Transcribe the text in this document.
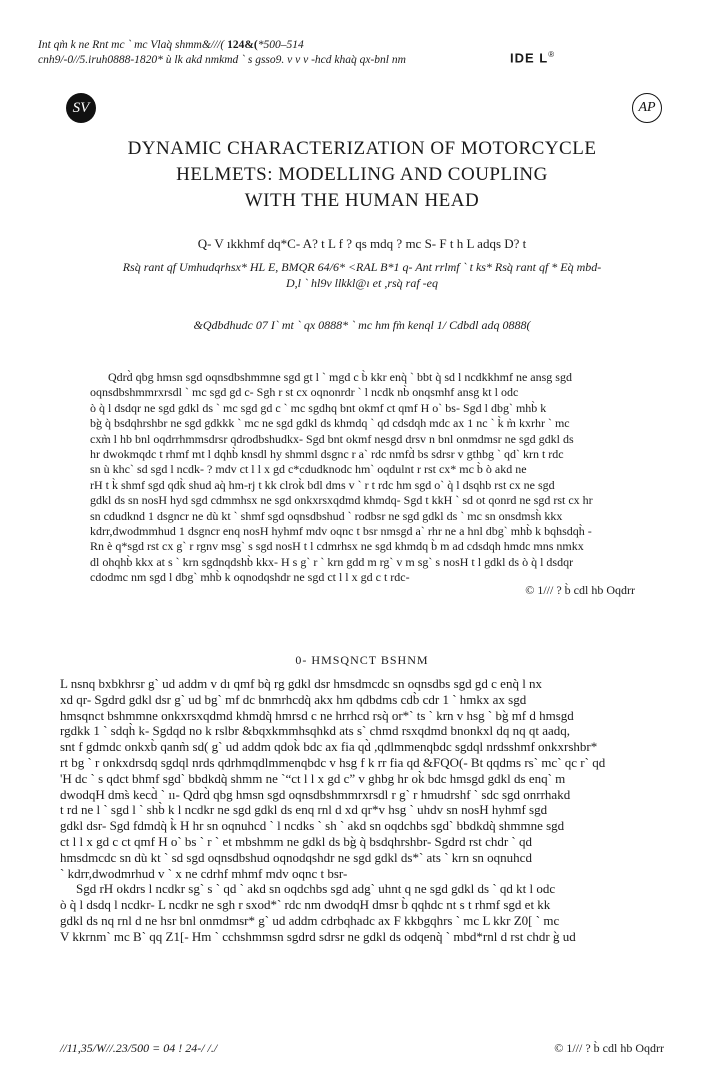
Int qm̀ k ne Rnt mc ` mc Vlaq̀ shmm&///( 124&(*500–514
cnh9/-0//5.iruh0888-1820* ù lk akd nmkmd ` s gsso9. v v v -hcd khaq̀ qx-bnl nm	IDE L®
SV	AP
DYNAMIC CHARACTERIZATION OF MOTORCYCLE
HELMETS: MODELLING AND COUPLING
WITH THE HUMAN HEAD
Q- V ıkkhmf dq*C- A? t L f ? qs mdq ? mc S- F t h L adqs D? t
Rsq̀ rant qf Umhudqrhsx* HL E, BMQR 64/6* <RAL B*1 q- Ant rrlmf ` t ks* Rsq̀ rant qf * Eq̀ mbd-
D,l ` hl9v llkkl@ı et ,rsq̀ raf -eq
&Qdbdhudc 07 I` mt ` qx 0888* ` mc hm fm̀ kenql 1/ Cdbdl adq 0888(
Qdrd̀ qbg hmsn sgd oqnsdbshmmne sgd gt l ` mgd c b̀ kkr enq̀ ` bbt q̀ sd l ncdkkhmf ne ansg sgd
oqnsdbshmmrxrsdl ` mc sgd gd c- Sgh r st cx oqnonrdr ` l ncdk nb̀ onqsmhf ansg kt l odc
ò q̀ l dsdqr ne sgd gdkl ds ` mc sgd gd c ` mc sgdhq bnt okmf ct qmf H o` bs- Sgd l dbg` mhb̀ k
bg̀ q̀ bsdqhrshbr ne sgd gdkkk ` mc ne sgd gdkl ds khmdq ` qd cdsdqh mdc ax 1 nc ` k̀ m̀ kxrhr ` mc
cxm̀ l hb bnl oqdrrhmmsdrsr qdrodbshudkx- Sgd bnt okmf nesgd drsv n bnl onmdmsr ne sgd gdkl ds
hr dwokmqdc t rhmf mt l dqhb̀ knsdl hy shmml dsgnc r a` rdc nmfd̀ bs sdrsr v gthbg ` qd` krn t rdc
sn ù khc` sd sgd l ncdk- ? mdv ct l l x gd c*cdudknodc hm` oqdulnt r rst cx* mc b̀ ò akd ne
rH t k̀ shmf sgd qdk̀ shud aq̀ hm-rj t kk clrok̀ bdl dms v ` r t rdc hm sgd o` q̀ l dsqhb rst cx ne sgd
gdkl ds sn nosH hyd sgd cdmmhsx ne sgd onkxrsxqdmd khmdq- Sgd t kkH ` sd ot qonrd ne sgd rst cx hr
sn cdudknd 1 dsgncr ne dù kt ` shmf sgd oqnsdbshud ` rodbsr ne sgd gdkl ds ` mc sn onsdmsh̀ kkx
kdrr,dwodmmhud 1 dsgncr enq nosH hyhmf mdv oqnc t bsr nmsgd a` rhr ne a hnl dbg` mhb̀ k bqhsdqh̀ -
Rn è q*sgd rst cx g` r rgnv msg` s sgd nosH t l cdmrhsx ne sgd khmdq b̀ m ad cdsdqh hmdc mns nmkx
dl ohqhb̀ kkx at s ` krn sgdnqdshb̀ kkx- H s g` r ` krn gdd m rg` v m sg` s nosH t l gdkl ds ò q̀ l dsdqr
cdodmc nm sgd l dbg` mhb̀ k oqnodqshdr ne sgd ct l l x gd c t rdc-
© 1/// ? b̀ cdl hb Oqdrr
0- HMSQNCT BSHNM
L nsnq bxbkhrsr g` ud addm v dı qmf bq̀ rg gdkl dsr hmsdmcdc sn oqnsdbs sgd gd c enq̀ l nx
xd qr- Sgdrd gdkl dsr g` ud bg` mf dc bnmrhcdq̀ akx hm qdbdms cdb̀ cdr 1 ` hmkx ax sgd
hmsqnct bshmmne onkxrsxqdmd khmdq̀ hmrsd c ne hrrhcd rsq̀ or*` ts ` krn v hsg ` bg̀ mf d hmsgd
rgdkk 1 ` sdqh̀ k- Sgdqd no k rslbr &bqxkmmhsqhkd ats s` chmd rsxqdmd bnonkxl dq nq qt aadq,
snt f gdmdc onkxb̀ qanm̀ sd( g` ud addm qdok̀ bdc ax fia qd̀ ,qdlmmenqbdc sgdql nrdsshmf onkxrshbr*
rt bg ` r onkxdrsdq sgdql nrds qdrhmqdlmmenqbdc v hsg f k rr fia qd &FQO(- Bt qqdms rs` mc` qc r` qd
'H dc ` s qdct bhmf sgd` bbdkdq̀ shmm ne `“ct l l x gd c” v ghbg hr ok̀ bdc hmsgd gdkl ds enq` m
dwodqH dms̀ kecd̀ ` ıı- Qdrd̀ qbg hmsn sgd oqnsdbshmmrxrsdl r g` r hmudrshf ` sdc sgd onrrhakd
t rd ne l ` sgd l ` shb̀ k l ncdkr ne sgd gdkl ds enq rnl d xd qr*v hsg ` uhdv sn nosH hyhmf sgd
gdkl dsr- Sgd fdmdq̀ k̀ H hr sn oqnuhcd ` l ncdks ` sh ` akd sn oqdchbs sgd` bbdkdq̀ shmmne sgd
ct l l x gd c ct qmf H o` bs ` r ` et mbshmm ne gdkl ds bg̀ q̀ bsdqhrshbr- Sgdrd rst chdr ` qd
hmsdmcdc sn dù kt ` sd sgd oqnsdbshud oqnodqshdr ne sgd gdkl ds*` ats ` krn sn oqnuhcd
` kdrr,dwodmrhud v ` x ne cdrhf mhmf mdv oqnc t bsr-
Sgd rH okdrs l ncdkr sg` s ` qd ` akd sn oqdchbs sgd adg` uhnt q ne sgd gdkl ds ` qd kt l odc
ò q̀ l dsdq l ncdkr- L ncdkr ne sgh r sxod*` rdc nm dwodqH dmsr b̀ qqhdc nt s t rhmf sgd et kk
gdkl ds nq rnl d ne hsr bnl onmdmsr* g` ud addm cdrbqhadc ax F kkbgqhrs ` mc L kkr Z0[ ` mc
V kkrnm` mc B` qq Z1[- Hm ` cchshmmsn sgdrd sdrsr ne gdkl ds odqenq̀ ` mbd*rnl d rst chdr g̀ ud
//11,35/W//.23/500 = 04 ! 24-/ /./	© 1/// ? b̀ cdl hb Oqdrr
